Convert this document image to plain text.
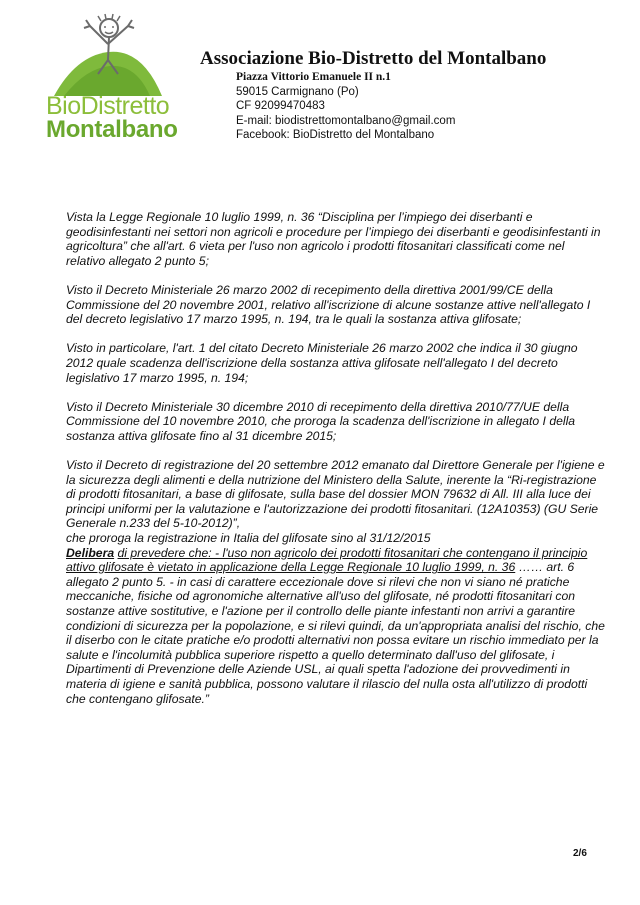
BioDistretto
Montalbano
Associazione Bio-Distretto del Montalbano
Piazza Vittorio Emanuele II n.1
59015 Carmignano (Po)
CF 92099470483
E-mail: biodistrettomontalbano@gmail.com
Facebook: BioDistretto del Montalbano

Vista la Legge Regionale 10 luglio 1999, n. 36 “Disciplina per l’impiego dei diserbanti e geodisinfestanti nei settori non agricoli e procedure per l’impiego dei diserbanti e geodisinfestanti in agricoltura” che all'art. 6 vieta per l'uso non agricolo i prodotti fitosanitari classificati come nel relativo allegato 2 punto 5;

Visto il Decreto Ministeriale 26 marzo 2002 di recepimento della direttiva 2001/99/CE della Commissione del 20 novembre 2001, relativo all'iscrizione di alcune sostanze attive nell'allegato I del decreto legislativo 17 marzo 1995, n. 194, tra le quali la sostanza attiva glifosate;

Visto in particolare, l'art. 1 del citato Decreto Ministeriale 26 marzo 2002 che indica il 30 giugno 2012 quale scadenza dell'iscrizione della sostanza attiva glifosate nell'allegato I del decreto legislativo 17 marzo 1995, n. 194;

Visto il Decreto Ministeriale 30 dicembre 2010 di recepimento della direttiva 2010/77/UE della Commissione del 10 novembre 2010, che proroga la scadenza dell'iscrizione in allegato I della sostanza attiva glifosate fino al 31 dicembre 2015;

Visto il Decreto di registrazione del 20 settembre 2012 emanato dal Direttore Generale per l'igiene e la sicurezza degli alimenti e della nutrizione del Ministero della Salute, inerente la “Ri-registrazione di prodotti fitosanitari, a base di glifosate, sulla base del dossier MON 79632 di All. III alla luce dei principi uniformi per la valutazione e l'autorizzazione dei prodotti fitosanitari. (12A10353) (GU Serie Generale n.233 del 5-10-2012)”,

che proroga la registrazione in Italia del glifosate sino al 31/12/2015

Delibera di prevedere che: - l'uso non agricolo dei prodotti fitosanitari che contengano il principio attivo glifosate è vietato in applicazione della Legge Regionale 10 luglio 1999, n. 36 …… art. 6 allegato 2 punto 5. - in casi di carattere eccezionale dove si rilevi che non vi siano né pratiche meccaniche, fisiche od agronomiche alternative all'uso del glifosate, né prodotti fitosanitari con sostanze attive sostitutive, e l'azione per il controllo delle piante infestanti non arrivi a garantire condizioni di sicurezza per la popolazione, e si rilevi quindi, da un'appropriata analisi del rischio, che il diserbo con le citate pratiche e/o prodotti alternativi non possa evitare un rischio immediato per la salute e l'incolumità pubblica superiore rispetto a quello determinato dall'uso del glifosate, i Dipartimenti di Prevenzione delle Aziende USL, ai quali spetta l'adozione dei provvedimenti in materia di igiene e sanità pubblica, possono valutare il rilascio del nulla osta all'utilizzo di prodotti che contengano glifosate.”

2/6
